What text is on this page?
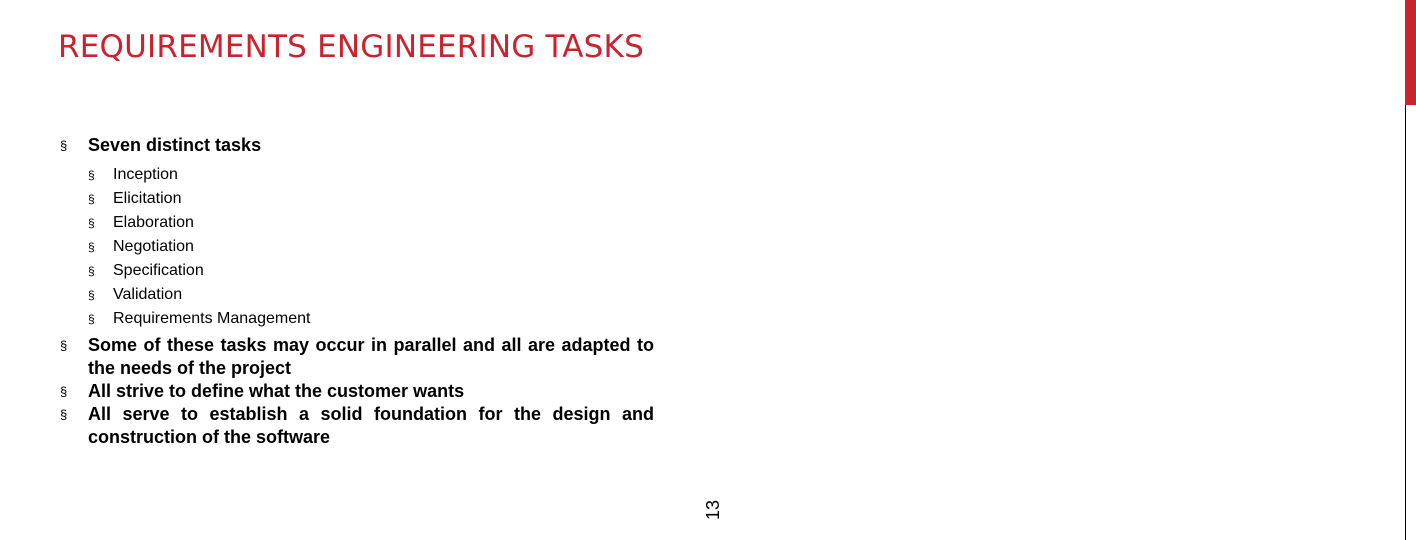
REQUIREMENTS ENGINEERING TASKS
13
§ Seven distinct tasks
§ Inception
§ Elicitation
§ Elaboration
§ Negotiation
§ Specification
§ Validation
§ Requirements Management
§ Some of these tasks may occur in parallel and all are adapted to the needs of the project
§ All strive to define what the customer wants
§ All serve to establish a solid foundation for the design and construction of the software
